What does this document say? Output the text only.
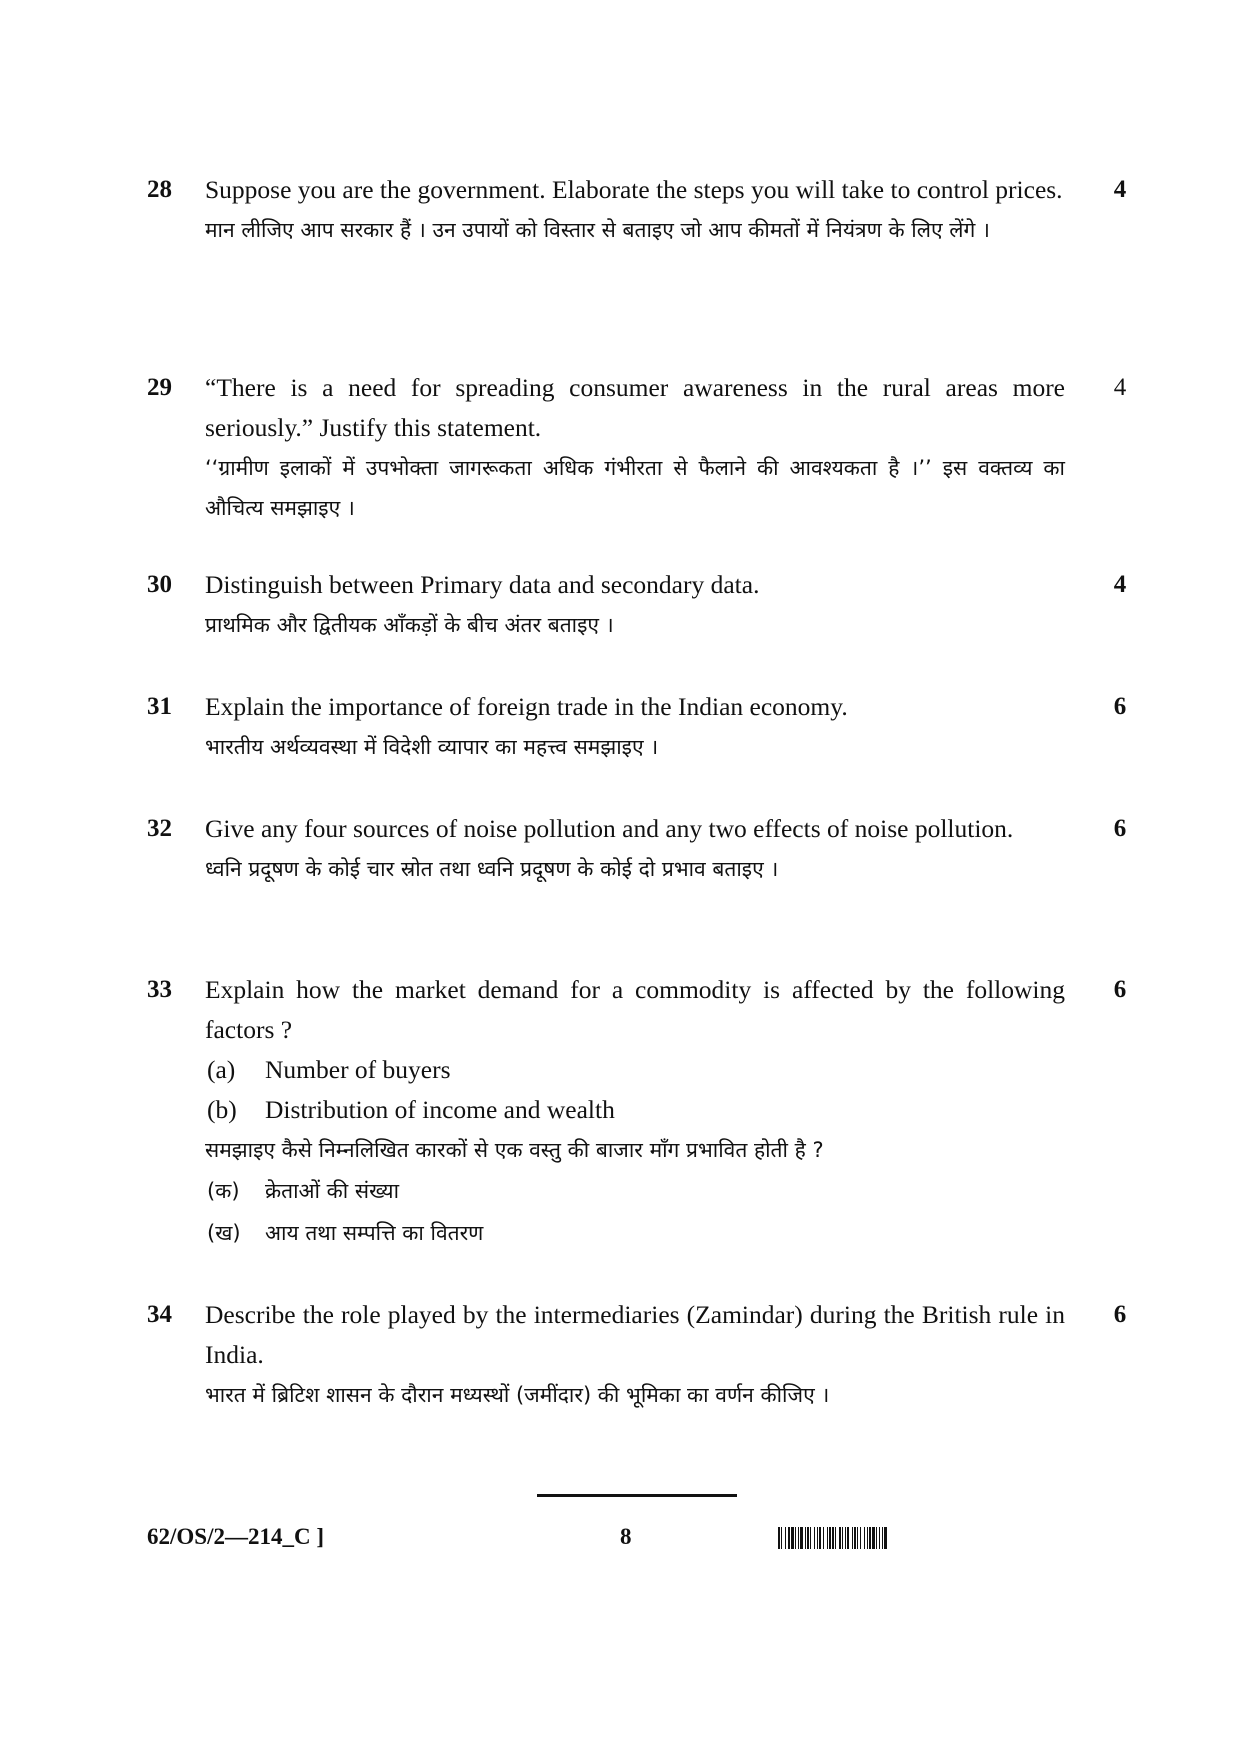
28 Suppose you are the government. Elaborate the steps you will take to control prices.
मान लीजिए आप सरकार हैं । उन उपायों को विस्तार से बताइए जो आप कीमतों में नियंत्रण के लिए लेंगे ।
4
29 “There is a need for spreading consumer awareness in the rural areas more seriously.” Justify this statement.
‘‘ग्रामीण इलाकों में उपभोक्ता जागरूकता अधिक गंभीरता से फैलाने की आवश्यकता है ।’’ इस वक्तव्य का औचित्य समझाइए ।
4
30 Distinguish between Primary data and secondary data.
प्राथमिक और द्वितीयक आँकड़ों के बीच अंतर बताइए ।
4
31 Explain the importance of foreign trade in the Indian economy.
भारतीय अर्थव्यवस्था में विदेशी व्यापार का महत्त्व समझाइए ।
6
32 Give any four sources of noise pollution and any two effects of noise pollution.
ध्वनि प्रदूषण के कोई चार स्रोत तथा ध्वनि प्रदूषण के कोई दो प्रभाव बताइए ।
6
33 Explain how the market demand for a commodity is affected by the following factors ?
(a)	Number of buyers
(b)	Distribution of income and wealth
समझाइए कैसे निम्नलिखित कारकों से एक वस्तु की बाजार माँग प्रभावित होती है ?
(क)	क्रेताओं की संख्या
(ख)	आय तथा सम्पत्ति का वितरण
6
34 Describe the role played by the intermediaries (Zamindar) during the British rule in India.
भारत में ब्रिटिश शासन के दौरान मध्यस्थों (जमींदार) की भूमिका का वर्णन कीजिए ।
6
62/OS/2—214_C ]	8
